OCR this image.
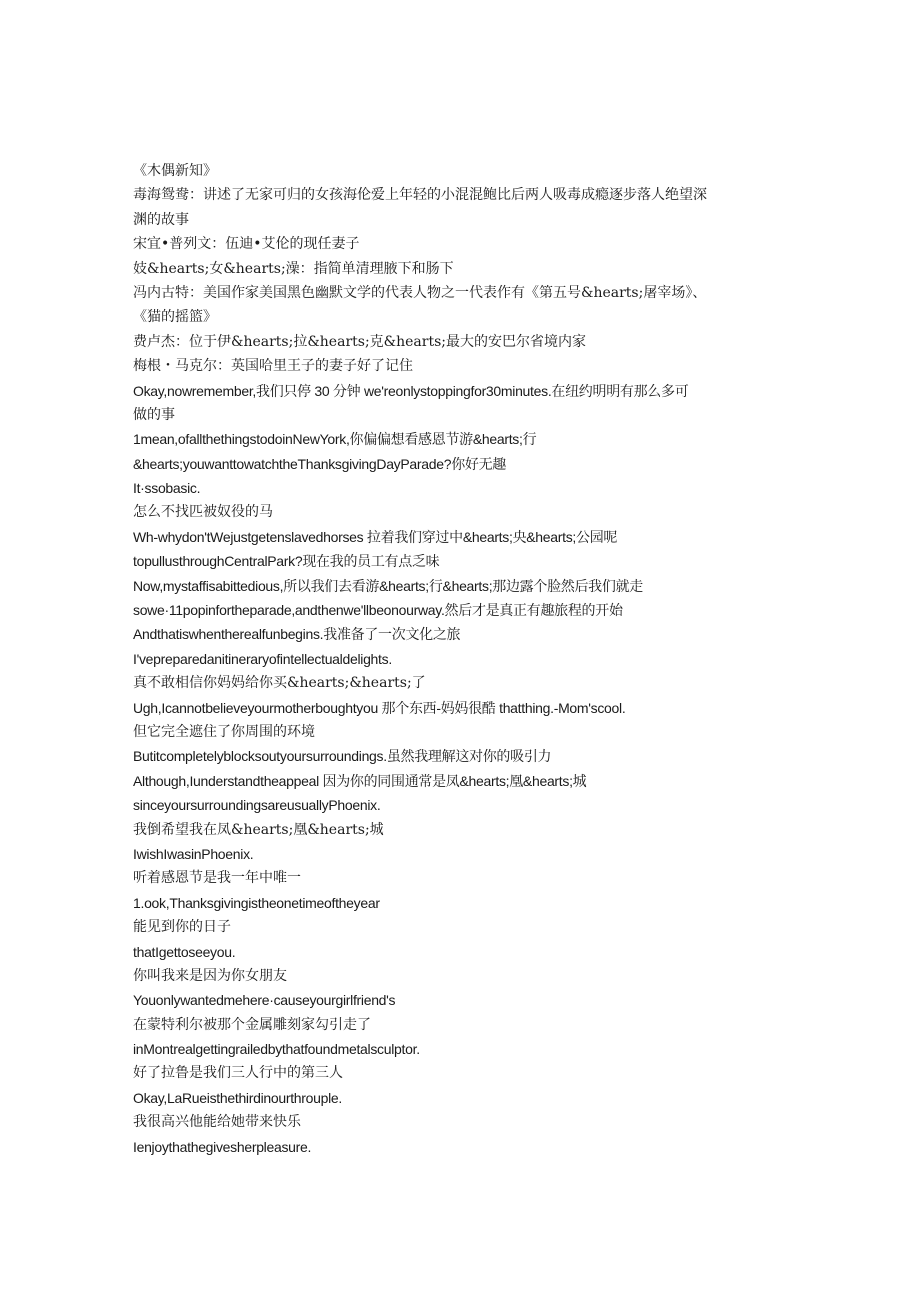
《木偶新知》
毒海鸳鸯：讲述了无家可归的女孩海伦爱上年轻的小混混鲍比后两人吸毒成瘾逐步落人绝望深
渊的故事
宋宜•普列文：伍迪•艾伦的现任妻子
妓&hearts;女&hearts;澡：指简单清理腋下和肠下
冯内古特：美国作家美国黑色幽默文学的代表人物之一代表作有《第五号&hearts;屠宰场》、
《猫的摇篮》
费卢杰：位于伊&hearts;拉&hearts;克&hearts;最大的安巴尔省境内家
梅根・马克尔：英国哈里王子的妻子好了记住
Okay,nowremember,我们只停 30 分钟 we'reonlystoppingfor30minutes.在纽约明明有那么多可
做的事
1mean,ofallthethingstodoinNewYork,你偏偏想看感恩节游&hearts;行
&hearts;youwanttowatchtheThanksgivingDayParade?你好无趣
It·ssobasic.
怎么不找匹被奴役的马
Wh-whydon'tWejustgetenslavedhorses 拉着我们穿过中&hearts;央&hearts;公园呢
topullusthroughCentralPark?现在我的员工有点乏味
Now,mystaffisabittedious,所以我们去看游&hearts;行&hearts;那边露个脸然后我们就走
sowe·11popinfortheparade,andthenwe'llbeonourway.然后才是真正有趣旅程的开始
Andthatiswhentherealfunbegins.我准备了一次文化之旅
I'vepreparedanitineraryofintellectualdelights.
真不敢相信你妈妈给你买&hearts;&hearts;了
Ugh,Icannotbelieveyourmotherboughtyou 那个东西-妈妈很酷 thatthing.-Mom'scool.
但它完全遮住了你周围的环境
Butitcompletelyblocksoutyoursurroundings.虽然我理解这对你的吸引力
Although,Iunderstandtheappeal 因为你的同围通常是凤&hearts;凰&hearts;城
sinceyoursurroundingsareusuallyPhoenix.
我倒希望我在凤&hearts;凰&hearts;城
IwishIwasinPhoenix.
听着感恩节是我一年中唯一
1.ook,Thanksgivingistheonetimeoftheyear
能见到你的日子
thatIgettoseeyou.
你叫我来是因为你女朋友
Youonlywantedmehere·causeyourgirlfriend's
在蒙特利尔被那个金属雕刻家勾引走了
inMontrealgettingrailedbythatfoundmetalsculptor.
好了拉鲁是我们三人行中的第三人
Okay,LaRueisthethirdinourthrouple.
我很高兴他能给她带来快乐
Ienjoythathegivesherpleasure.
